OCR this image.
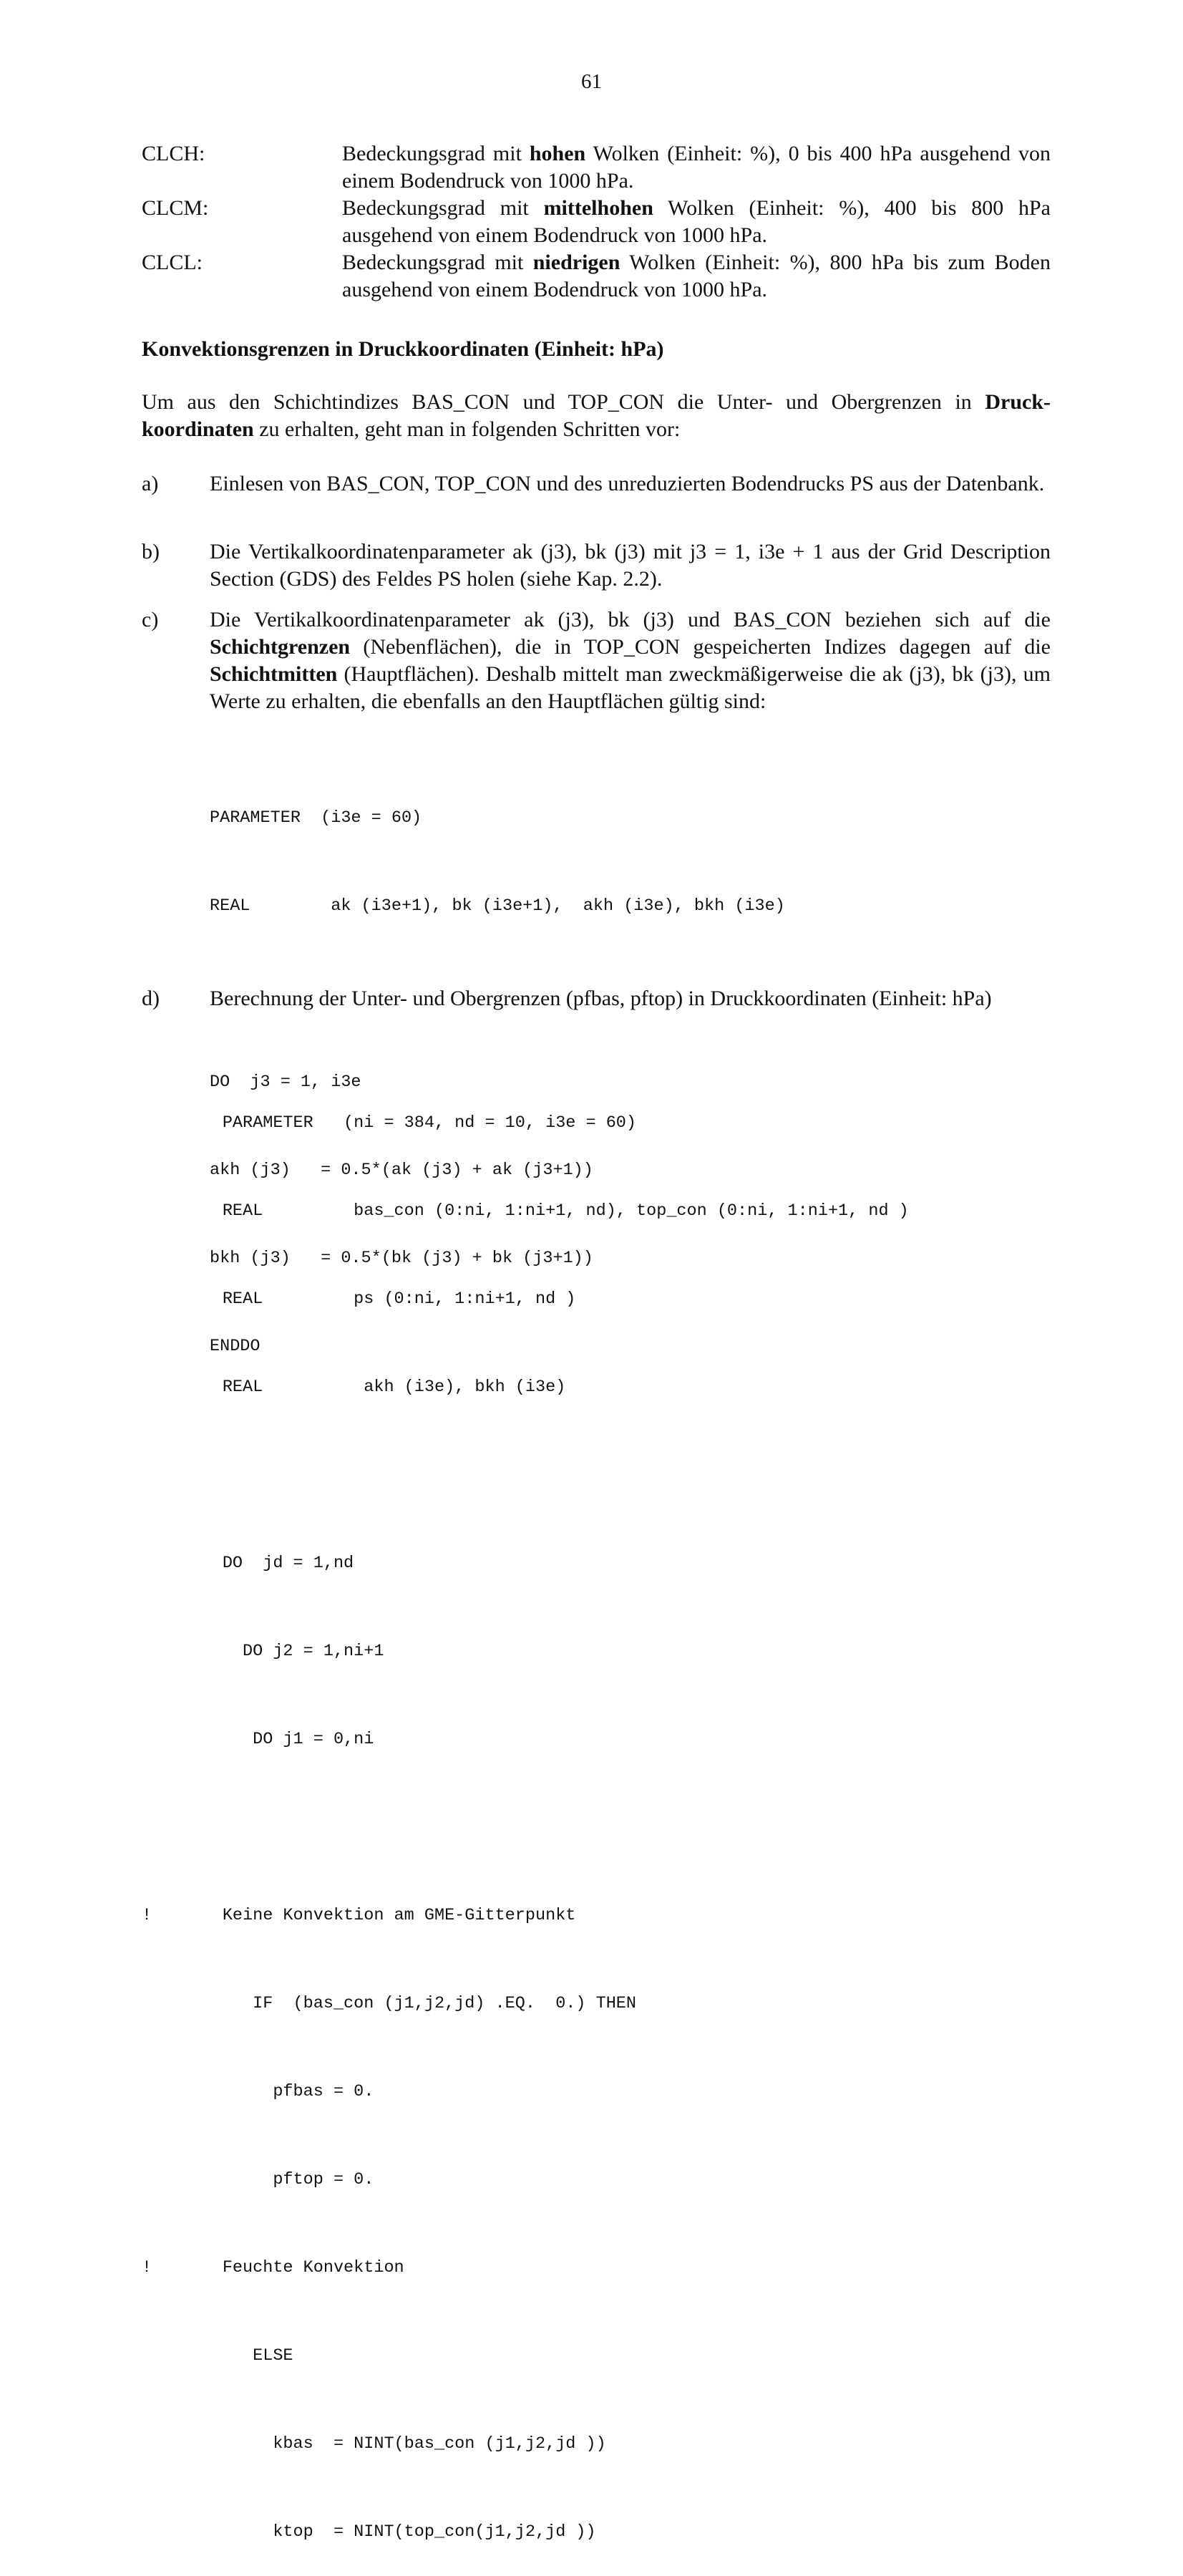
61
CLCH:	Bedeckungsgrad mit hohen Wolken (Einheit: %), 0 bis 400 hPa ausgehend von einem Bodendruck von 1000 hPa.
CLCM:	Bedeckungsgrad mit mittelhohen Wolken (Einheit: %), 400 bis 800 hPa ausgehend von einem Bodendruck von 1000 hPa.
CLCL:	Bedeckungsgrad mit niedrigen Wolken (Einheit: %), 800 hPa bis zum Boden ausgehend von einem Bodendruck von 1000 hPa.
Konvektionsgrenzen in Druckkoordinaten (Einheit: hPa)
Um aus den Schichtindizes BAS_CON und TOP_CON die Unter- und Obergrenzen in Druck-koordinaten zu erhalten, geht man in folgenden Schritten vor:
a)	Einlesen von BAS_CON, TOP_CON und des unreduzierten Bodendrucks PS aus der Datenbank.
b)	Die Vertikalkoordinatenparameter ak (j3), bk (j3) mit j3 = 1, i3e + 1 aus der Grid Description Section (GDS) des Feldes PS holen (siehe Kap. 2.2).
c)	Die Vertikalkoordinatenparameter ak (j3), bk (j3) und BAS_CON beziehen sich auf die Schichtgrenzen (Nebenflächen), die in TOP_CON gespeicherten Indizes dagegen auf die Schichtmitten (Hauptflächen). Deshalb mittelt man zweckmäßigerweise die ak (j3), bk (j3), um Werte zu erhalten, die ebenfalls an den Hauptflächen gültig sind:

PARAMETER  (i3e = 60)

REAL        ak (i3e+1), bk (i3e+1),  akh (i3e), bkh (i3e)

DO  j3 = 1, i3e

akh (j3)   = 0.5*(ak (j3) + ak (j3+1))

bkh (j3)   = 0.5*(bk (j3) + bk (j3+1))

ENDDO

d)	Berechnung der Unter- und Obergrenzen (pfbas, pftop) in Druckkoordinaten (Einheit: hPa)

PARAMETER   (ni = 384, nd = 10, i3e = 60)

REAL         bas_con (0:ni, 1:ni+1, nd), top_con (0:ni, 1:ni+1, nd )

REAL         ps (0:ni, 1:ni+1, nd )

REAL          akh (i3e), bkh (i3e)

DO  jd = 1,nd

DO j2 = 1,ni+1

DO j1 = 0,ni

!       Keine Konvektion am GME-Gitterpunkt

IF  (bas_con (j1,j2,jd) .EQ.  0.) THEN

pfbas = 0.

pftop = 0.

!       Feuchte Konvektion

ELSE

kbas  = NINT(bas_con (j1,j2,jd ))

ktop  = NINT(top_con(j1,j2,jd ))
